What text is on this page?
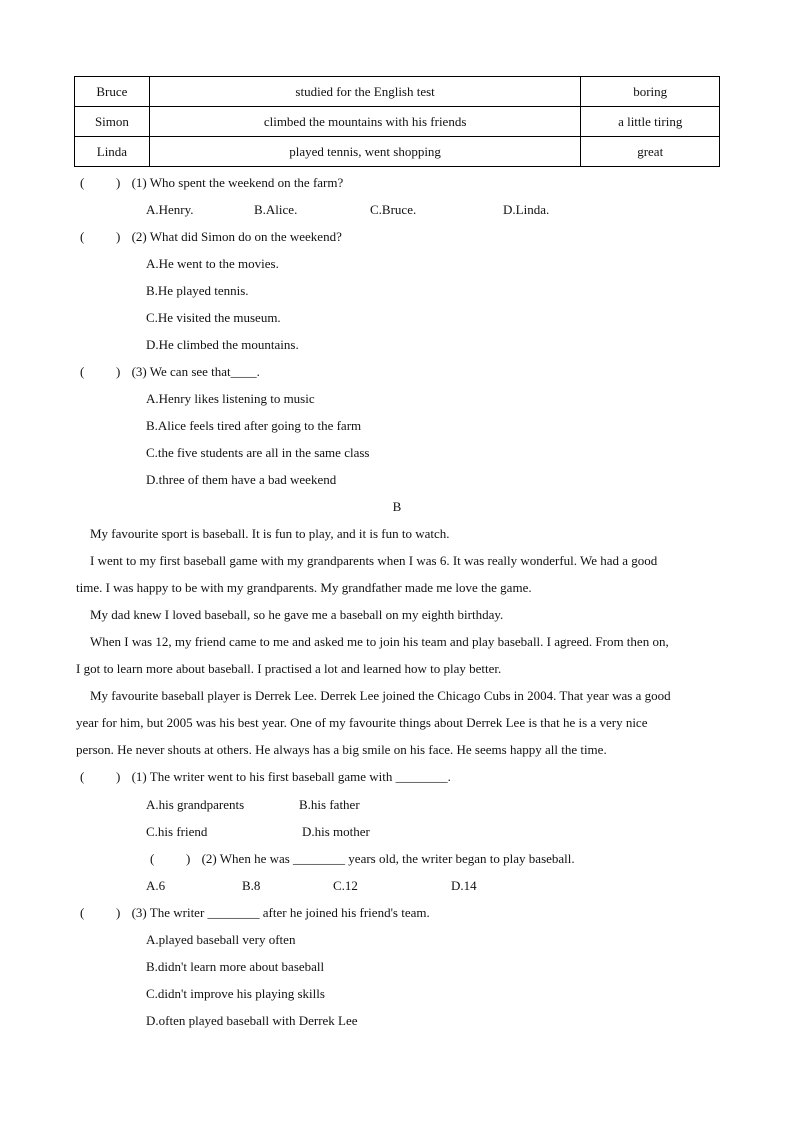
Bruce	studied for the English test	boring
Simon	climbed the mountains with his friends	a little tiring
Linda	played tennis, went shopping	great
( ) (1) Who spent the weekend on the farm?
A.Henry.	B.Alice.	C.Bruce.	D.Linda.
( ) (2) What did Simon do on the weekend?
A.He went to the movies.
B.He played tennis.
C.He visited the museum.
D.He climbed the mountains.
( ) (3) We can see that____.
A.Henry likes listening to music
B.Alice feels tired after going to the farm
C.the five students are all in the same class
D.three of them have a bad weekend
B
My favourite sport is baseball. It is fun to play, and it is fun to watch.
I went to my first baseball game with my grandparents when I was 6. It was really wonderful. We had a good
time. I was happy to be with my grandparents. My grandfather made me love the game.
My dad knew I loved baseball, so he gave me a baseball on my eighth birthday.
When I was 12, my friend came to me and asked me to join his team and play baseball. I agreed. From then on,
I got to learn more about baseball. I practised a lot and learned how to play better.
My favourite baseball player is Derrek Lee. Derrek Lee joined the Chicago Cubs in 2004. That year was a good
year for him, but 2005 was his best year. One of my favourite things about Derrek Lee is that he is a very nice
person. He never shouts at others. He always has a big smile on his face. He seems happy all the time.
( ) (1) The writer went to his first baseball game with ________.
A.his grandparents	B.his father
C.his friend	D.his mother
( ) (2) When he was ________ years old, the writer began to play baseball.
A.6	B.8	C.12	D.14
( ) (3) The writer ________ after he joined his friend's team.
A.played baseball very often
B.didn't learn more about baseball
C.didn't improve his playing skills
D.often played baseball with Derrek Lee
